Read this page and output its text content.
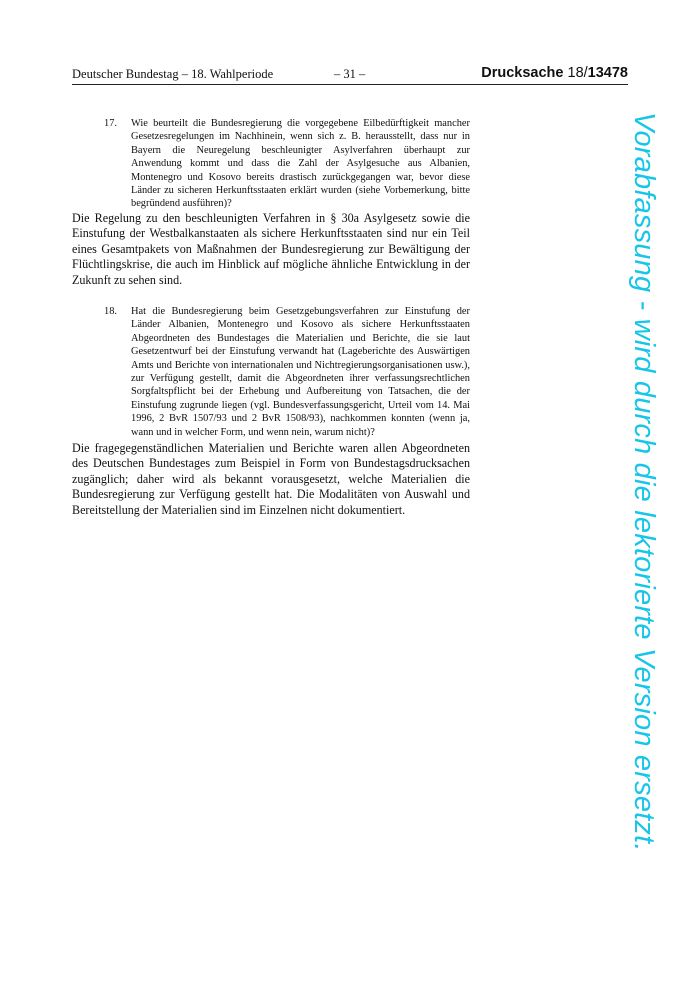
Deutscher Bundestag – 18. Wahlperiode	– 31 –	Drucksache 18/13478
17. Wie beurteilt die Bundesregierung die vorgegebene Eilbedürftigkeit mancher Gesetzesregelungen im Nachhinein, wenn sich z. B. herausstellt, dass nur in Bayern die Neuregelung beschleunigter Asylverfahren überhaupt zur Anwendung kommt und dass die Zahl der Asylgesuche aus Albanien, Montenegro und Kosovo bereits drastisch zurückgegangen war, bevor diese Länder zu sicheren Herkunftsstaaten erklärt wurden (siehe Vorbemerkung, bitte begründend ausführen)?
Die Regelung zu den beschleunigten Verfahren in § 30a Asylgesetz sowie die Einstufung der Westbalkanstaaten als sichere Herkunftsstaaten sind nur ein Teil eines Gesamtpakets von Maßnahmen der Bundesregierung zur Bewältigung der Flüchtlingskrise, die auch im Hinblick auf mögliche ähnliche Entwicklung in der Zukunft zu sehen sind.
18. Hat die Bundesregierung beim Gesetzgebungsverfahren zur Einstufung der Länder Albanien, Montenegro und Kosovo als sichere Herkunftsstaaten Abgeordneten des Bundestages die Materialien und Berichte, die sie laut Gesetzentwurf bei der Einstufung verwandt hat (Lageberichte des Auswärtigen Amts und Berichte von internationalen und Nichtregierungsorganisationen usw.), zur Verfügung gestellt, damit die Abgeordneten ihrer verfassungsrechtlichen Sorgfaltspflicht bei der Erhebung und Aufbereitung von Tatsachen, die der Einstufung zugrunde liegen (vgl. Bundesverfassungsgericht, Urteil vom 14. Mai 1996, 2 BvR 1507/93 und 2 BvR 1508/93), nachkommen konnten (wenn ja, wann und in welcher Form, und wenn nein, warum nicht)?
Die fragegegenständlichen Materialien und Berichte waren allen Abgeordneten des Deutschen Bundestages zum Beispiel in Form von Bundestagsdrucksachen zugänglich; daher wird als bekannt vorausgesetzt, welche Materialien die Bundesregierung zur Verfügung gestellt hat. Die Modalitäten von Auswahl und Bereitstellung der Materialien sind im Einzelnen nicht dokumentiert.	Vorabfassung - wird durch die lektorierte Version ersetzt.
